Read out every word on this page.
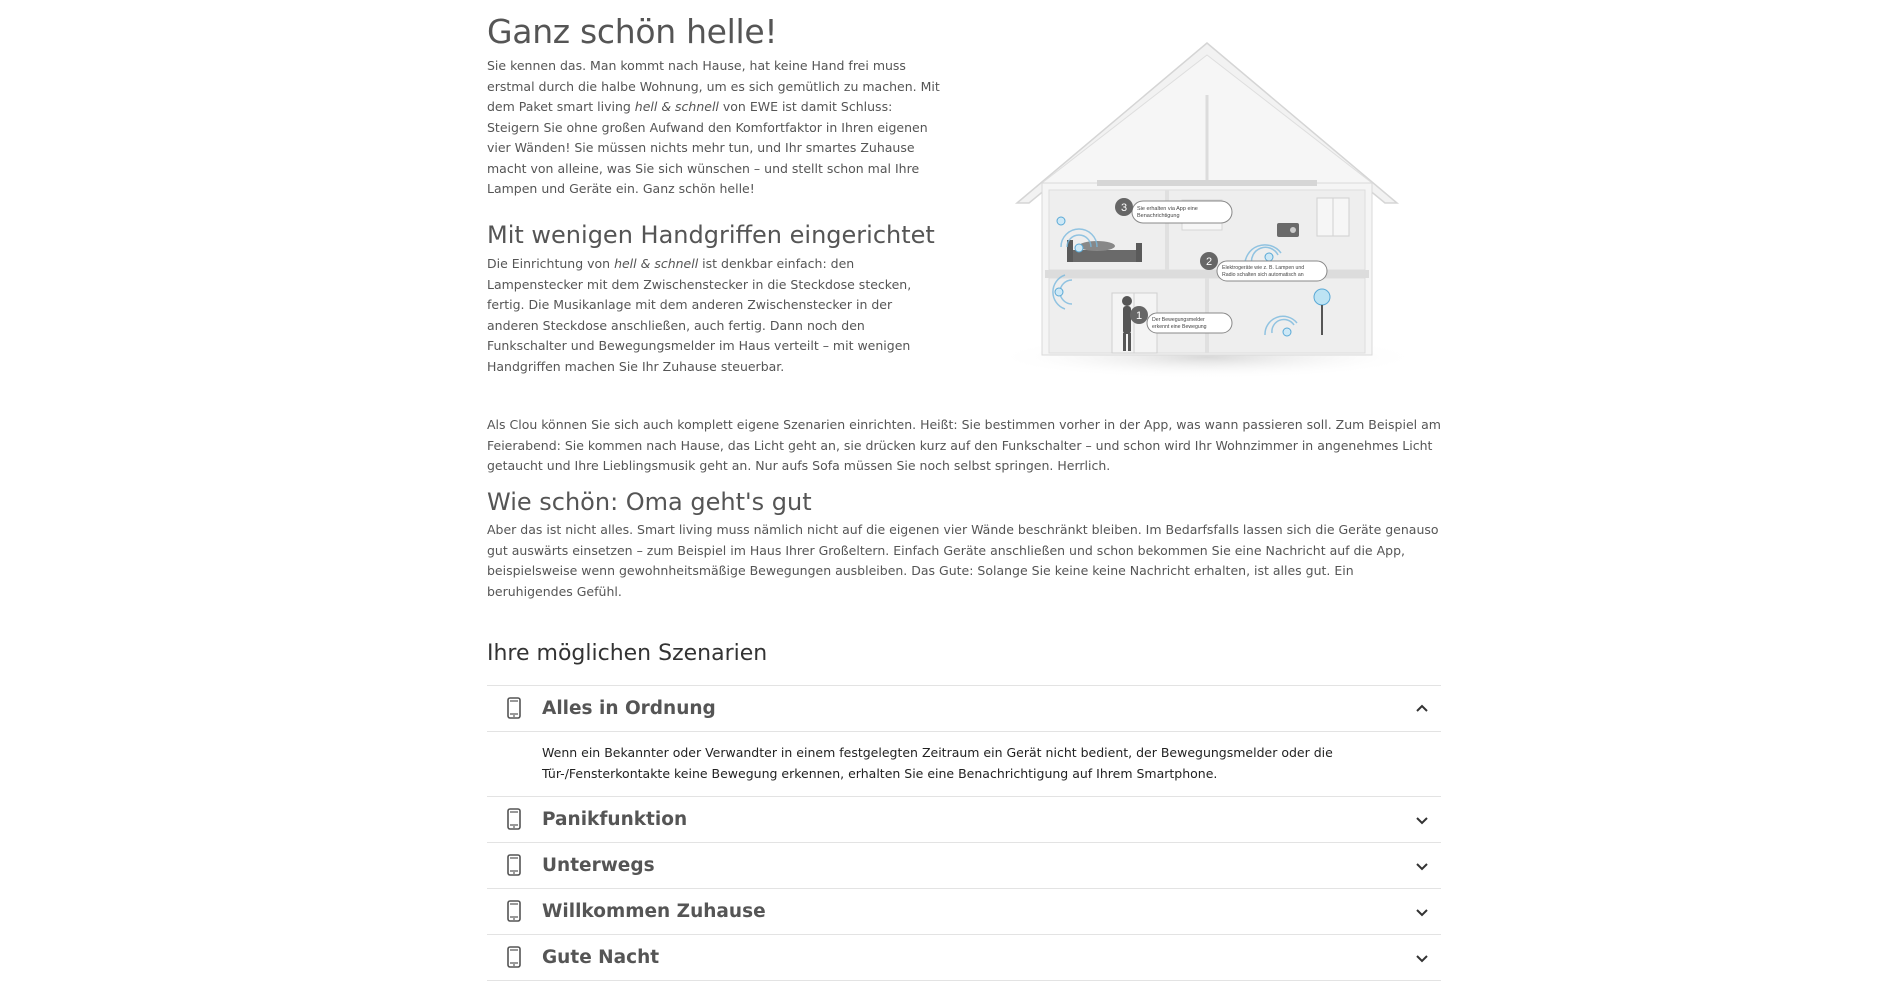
Ganz schön helle!

Sie kennen das. Man kommt nach Hause, hat keine Hand frei muss erstmal durch die halbe Wohnung, um es sich gemütlich zu machen. Mit dem Paket smart living hell & schnell von EWE ist damit Schluss: Steigern Sie ohne großen Aufwand den Komfortfaktor in Ihren eigenen vier Wänden! Sie müssen nichts mehr tun, und Ihr smartes Zuhause macht von alleine, was Sie sich wünschen – und stellt schon mal Ihre Lampen und Geräte ein. Ganz schön helle!

Mit wenigen Handgriffen eingerichtet

Die Einrichtung von hell & schnell ist denkbar einfach: den Lampenstecker mit dem Zwischenstecker in die Steckdose stecken, fertig. Die Musikanlage mit dem anderen Zwischenstecker in der anderen Steckdose anschließen, auch fertig. Dann noch den Funkschalter und Bewegungsmelder im Haus verteilt – mit wenigen Handgriffen machen Sie Ihr Zuhause steuerbar.

3 Sie erhalten via App eine
Benachrichtigung
2 Elektrogeräte wie z. B. Lampen und
Radio schalten sich automatisch an
1 Der Bewegungsmelder
erkennt eine Bewegung

Als Clou können Sie sich auch komplett eigene Szenarien einrichten. Heißt: Sie bestimmen vorher in der App, was wann passieren soll. Zum Beispiel am Feierabend: Sie kommen nach Hause, das Licht geht an, sie drücken kurz auf den Funkschalter – und schon wird Ihr Wohnzimmer in angenehmes Licht getaucht und Ihre Lieblingsmusik geht an. Nur aufs Sofa müssen Sie noch selbst springen. Herrlich.

Wie schön: Oma geht's gut

Aber das ist nicht alles. Smart living muss nämlich nicht auf die eigenen vier Wände beschränkt bleiben. Im Bedarfsfalls lassen sich die Geräte genauso gut auswärts einsetzen – zum Beispiel im Haus Ihrer Großeltern. Einfach Geräte anschließen und schon bekommen Sie eine Nachricht auf die App, beispielsweise wenn gewohnheitsmäßige Bewegungen ausbleiben. Das Gute: Solange Sie keine keine Nachricht erhalten, ist alles gut. Ein beruhigendes Gefühl.

Ihre möglichen Szenarien
Alles in Ordnung
Wenn ein Bekannter oder Verwandter in einem festgelegten Zeitraum ein Gerät nicht bedient, der Bewegungsmelder oder die Tür-/Fensterkontakte keine Bewegung erkennen, erhalten Sie eine Benachrichtigung auf Ihrem Smartphone.
Panikfunktion
Unterwegs
Willkommen Zuhause
Gute Nacht
